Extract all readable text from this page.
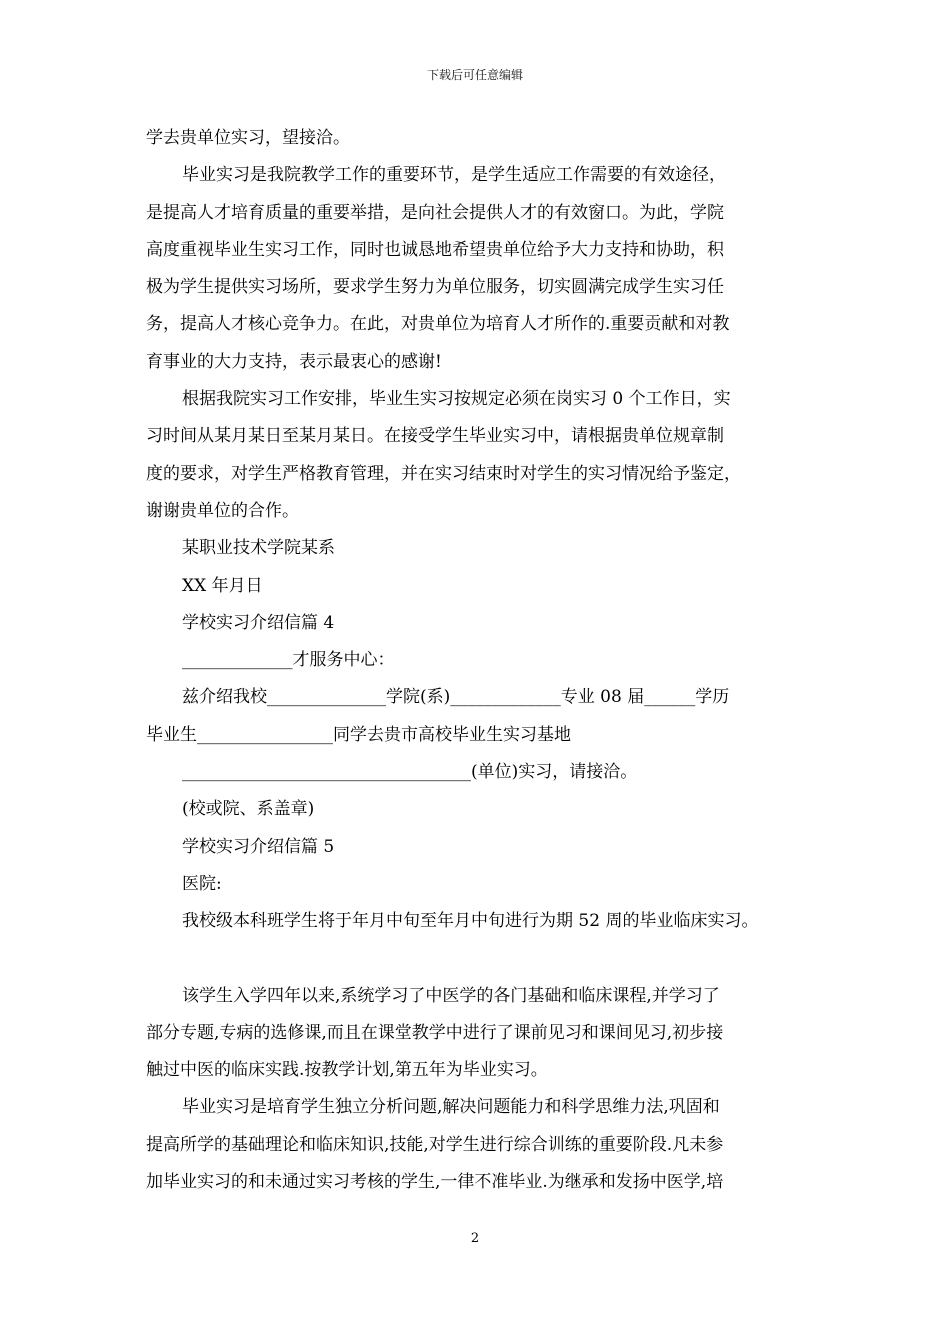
下载后可任意编辑
学去贵单位实习，望接洽。
毕业实习是我院教学工作的重要环节，是学生适应工作需要的有效途径，
是提高人才培育质量的重要举措，是向社会提供人才的有效窗口。为此，学院
高度重视毕业生实习工作，同时也诚恳地希望贵单位给予大力支持和协助，积
极为学生提供实习场所，要求学生努力为单位服务，切实圆满完成学生实习任
务，提高人才核心竞争力。在此，对贵单位为培育人才所作的.重要贡献和对教
育事业的大力支持，表示最衷心的感谢!
根据我院实习工作安排，毕业生实习按规定必须在岗实习 0 个工作日，实
习时间从某月某日至某月某日。在接受学生毕业实习中，请根据贵单位规章制
度的要求，对学生严格教育管理，并在实习结束时对学生的实习情况给予鉴定，
谢谢贵单位的合作。
某职业技术学院某系
XX 年月日
学校实习介绍信篇 4
_____________才服务中心：
兹介绍我校______________学院(系)_____________专业 08 届______学历
毕业生________________同学去贵市高校毕业生实习基地
__________________________________(单位)实习，请接洽。
(校或院、系盖章)
学校实习介绍信篇 5
医院:
我校级本科班学生将于年月中旬至年月中旬进行为期 52 周的毕业临床实习。
该学生入学四年以来,系统学习了中医学的各门基础和临床课程,并学习了
部分专题,专病的选修课,而且在课堂教学中进行了课前见习和课间见习,初步接
触过中医的临床实践.按教学计划,第五年为毕业实习。
毕业实习是培育学生独立分析问题,解决问题能力和科学思维力法,巩固和
提高所学的基础理论和临床知识,技能,对学生进行综合训练的重要阶段.凡未参
加毕业实习的和未通过实习考核的学生,一律不准毕业.为继承和发扬中医学,培
2
